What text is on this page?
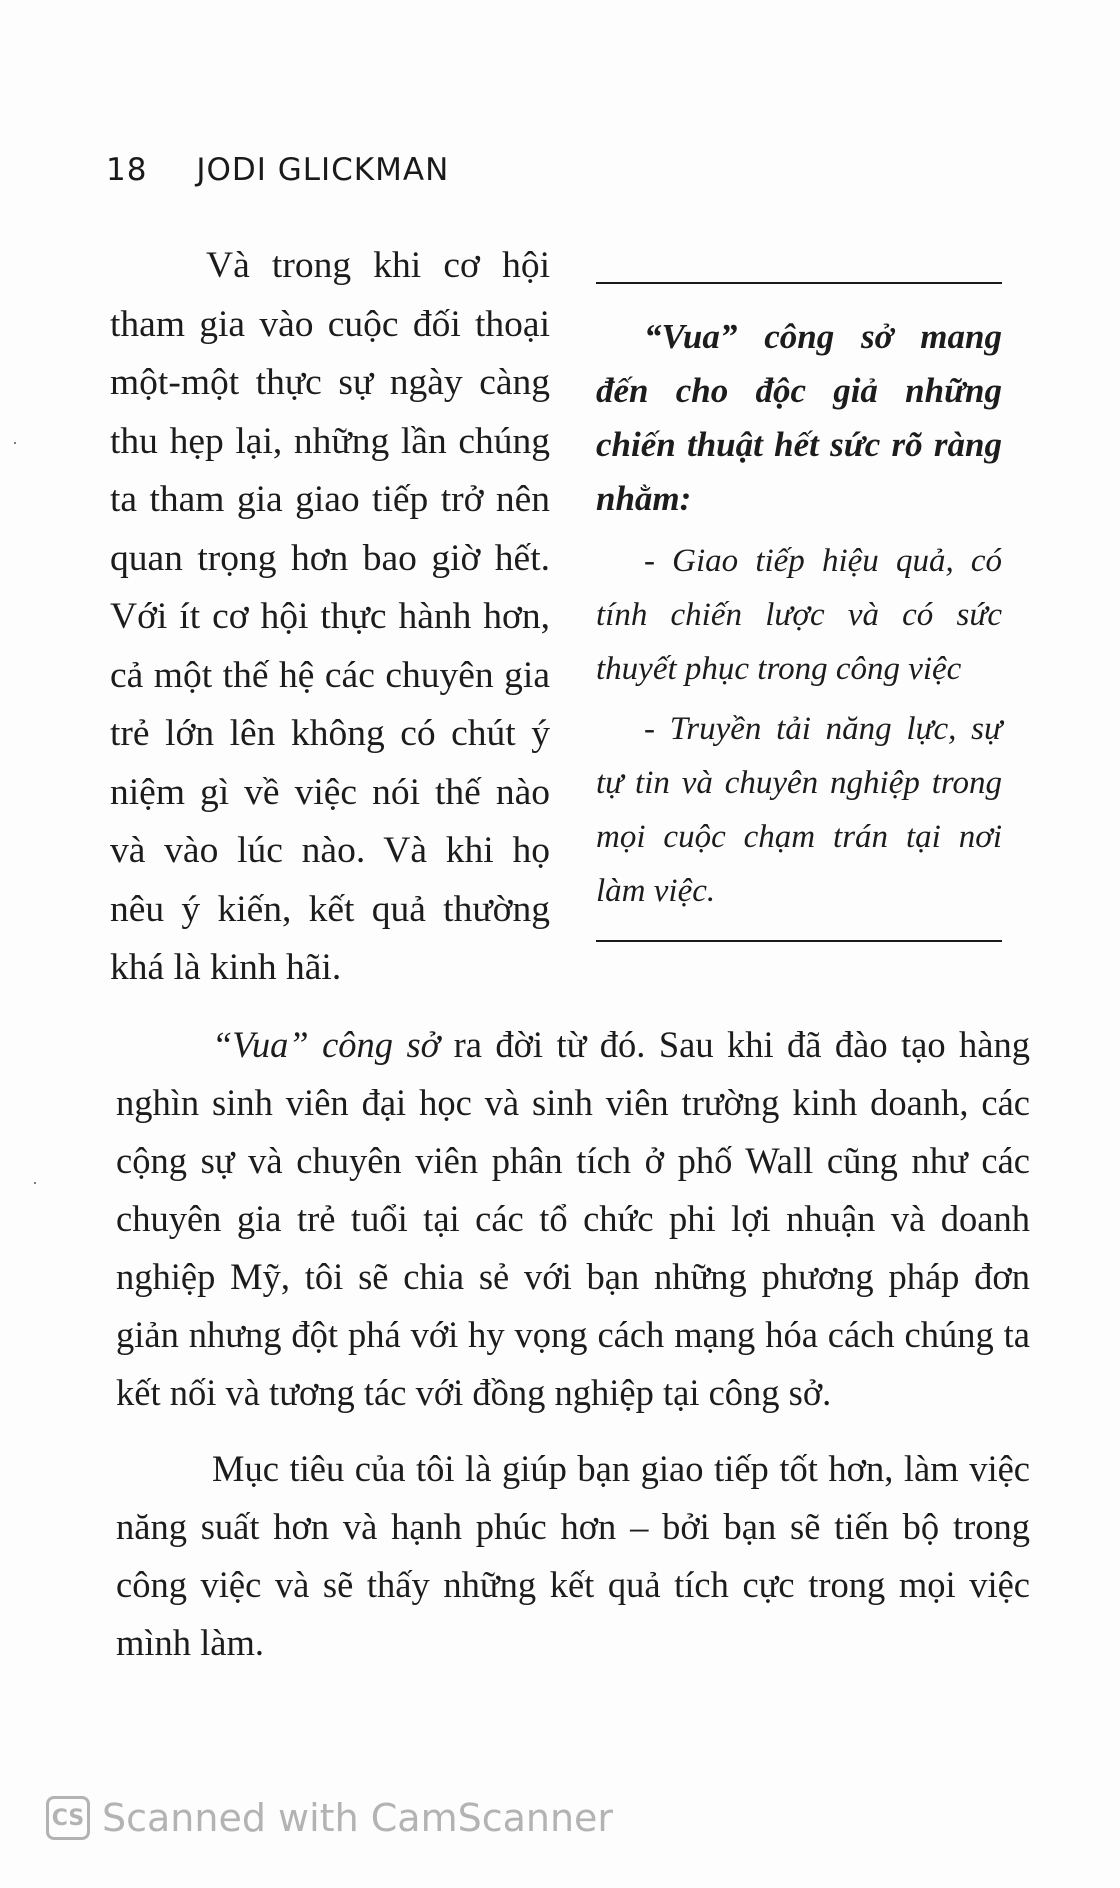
18 JODI GLICKMAN

Và trong khi cơ hội tham gia vào cuộc đối thoại một-một thực sự ngày càng thu hẹp lại, những lần chúng ta tham gia giao tiếp trở nên quan trọng hơn bao giờ hết. Với ít cơ hội thực hành hơn, cả một thế hệ các chuyên gia trẻ lớn lên không có chút ý niệm gì về việc nói thế nào và vào lúc nào. Và khi họ nêu ý kiến, kết quả thường khá là kinh hãi.

“Vua” công sở mang đến cho độc giả những chiến thuật hết sức rõ ràng nhằm:

- Giao tiếp hiệu quả, có tính chiến lược và có sức thuyết phục trong công việc

- Truyền tải năng lực, sự tự tin và chuyên nghiệp trong mọi cuộc chạm trán tại nơi làm việc.

“Vua” công sở ra đời từ đó. Sau khi đã đào tạo hàng nghìn sinh viên đại học và sinh viên trường kinh doanh, các cộng sự và chuyên viên phân tích ở phố Wall cũng như các chuyên gia trẻ tuổi tại các tổ chức phi lợi nhuận và doanh nghiệp Mỹ, tôi sẽ chia sẻ với bạn những phương pháp đơn giản nhưng đột phá với hy vọng cách mạng hóa cách chúng ta kết nối và tương tác với đồng nghiệp tại công sở.

Mục tiêu của tôi là giúp bạn giao tiếp tốt hơn, làm việc năng suất hơn và hạnh phúc hơn – bởi bạn sẽ tiến bộ trong công việc và sẽ thấy những kết quả tích cực trong mọi việc mình làm.

CS Scanned with CamScanner
